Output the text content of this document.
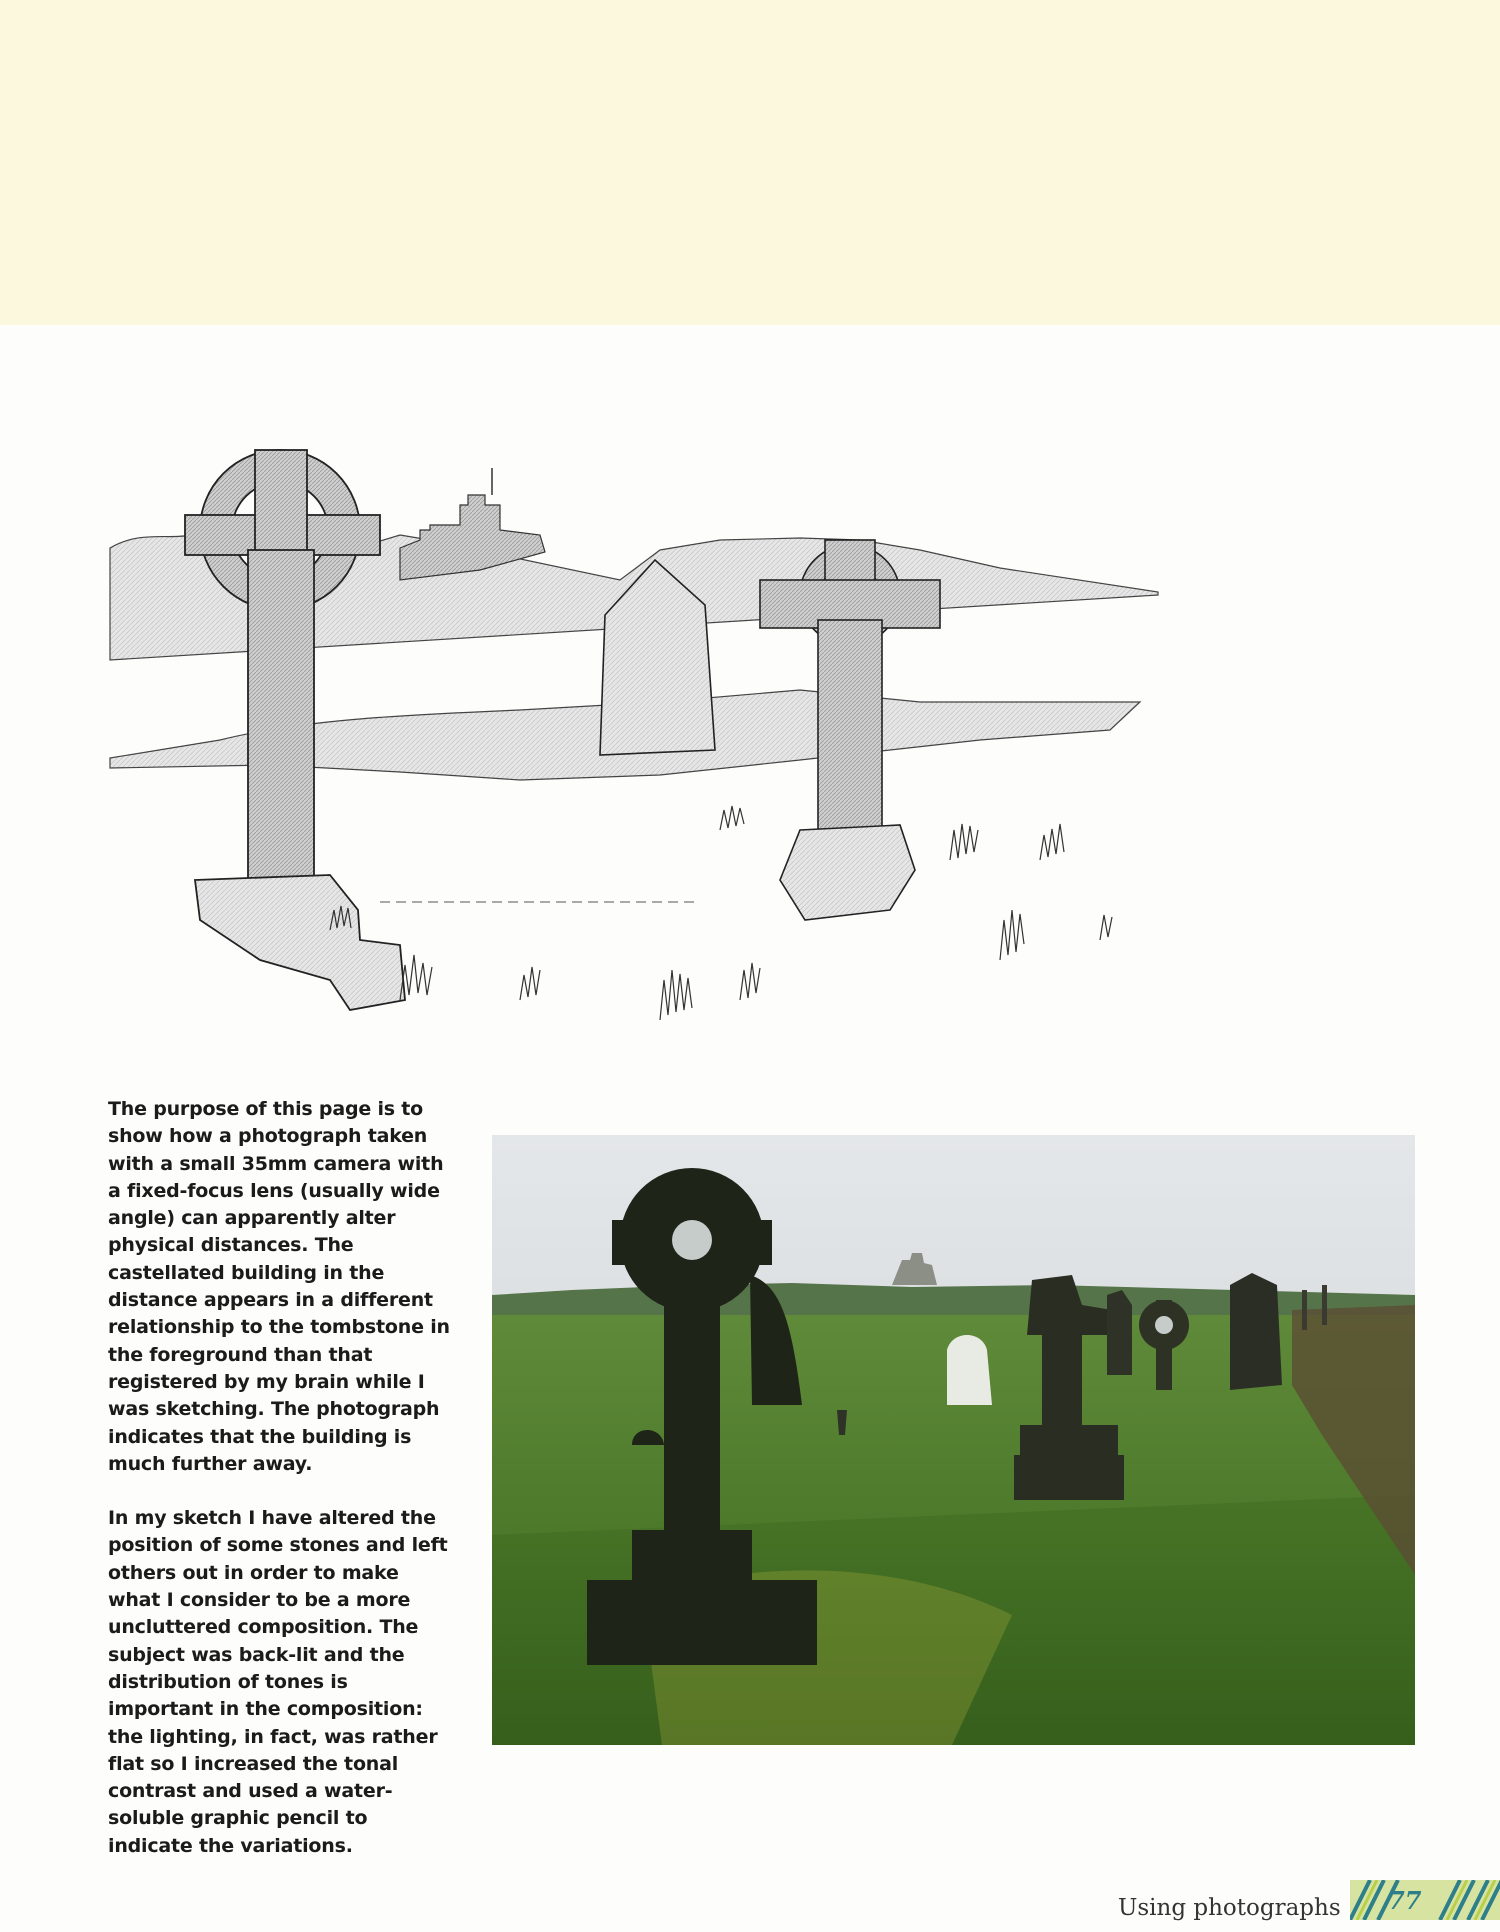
The purpose of this page is to show how a photograph taken with a small 35mm camera with a fixed-focus lens (usually wide angle) can apparently alter physical distances. The castellated building in the distance appears in a different relationship to the tombstone in the foreground than that registered by my brain while I was sketching. The photograph indicates that the building is much further away.

In my sketch I have altered the position of some stones and left others out in order to make what I consider to be a more uncluttered composition. The subject was back-lit and the distribution of tones is important in the composition: the lighting, in fact, was rather flat so I increased the tonal contrast and used a water-soluble graphic pencil to indicate the variations.

Using photographs 77
